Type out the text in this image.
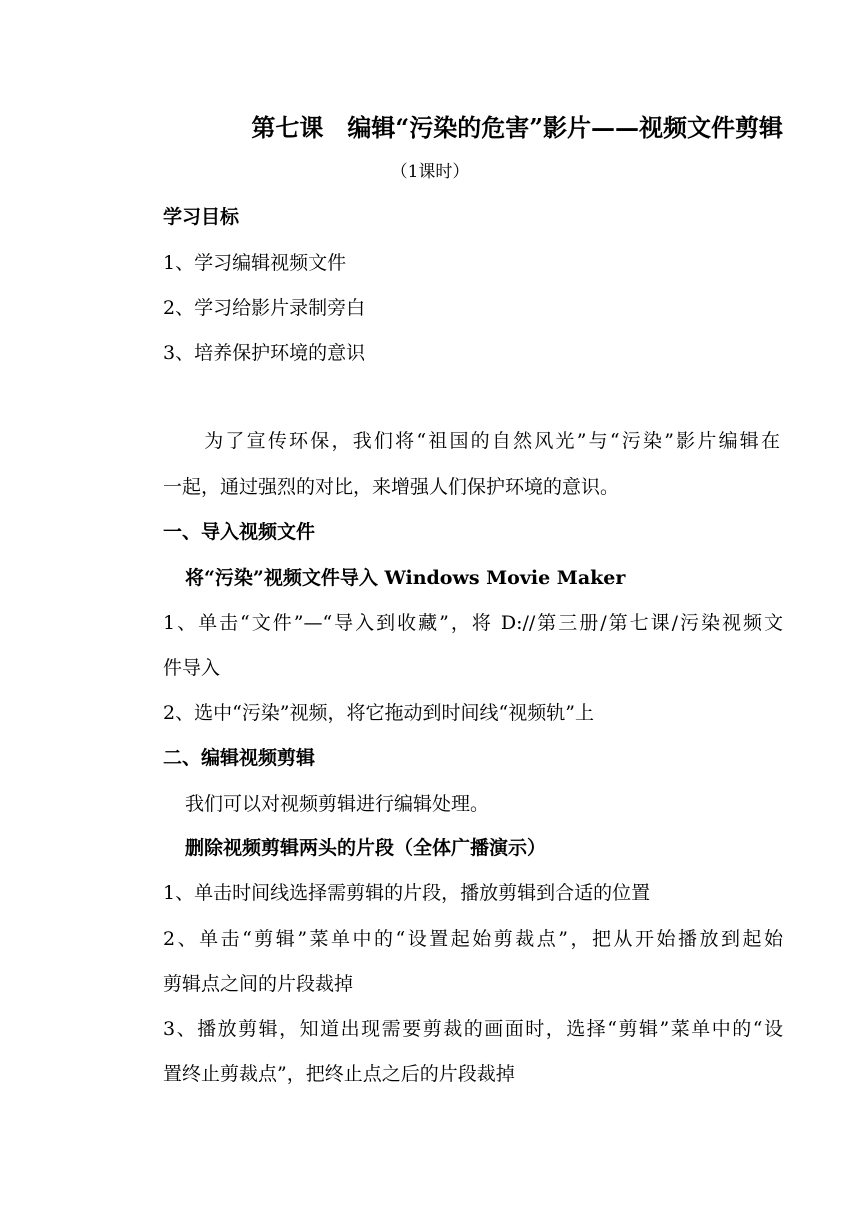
第七课　编辑“污染的危害”影片——视频文件剪辑
（1课时）
学习目标
1、学习编辑视频文件
2、学习给影片录制旁白
3、培养保护环境的意识
　为了宣传环保，我们将“祖国的自然风光”与“污染”影片编辑在
一起，通过强烈的对比，来增强人们保护环境的意识。
一、导入视频文件
将“污染”视频文件导入 Windows Movie Maker
1、单击“文件”—“导入到收藏”，将 D://第三册/第七课/污染视频文
件导入
2、选中“污染”视频，将它拖动到时间线“视频轨”上
二、编辑视频剪辑
我们可以对视频剪辑进行编辑处理。
删除视频剪辑两头的片段（全体广播演示）
1、单击时间线选择需剪辑的片段，播放剪辑到合适的位置
2、单击“剪辑”菜单中的“设置起始剪裁点”，把从开始播放到起始
剪辑点之间的片段裁掉
3、播放剪辑，知道出现需要剪裁的画面时，选择“剪辑”菜单中的“设
置终止剪裁点”，把终止点之后的片段裁掉
